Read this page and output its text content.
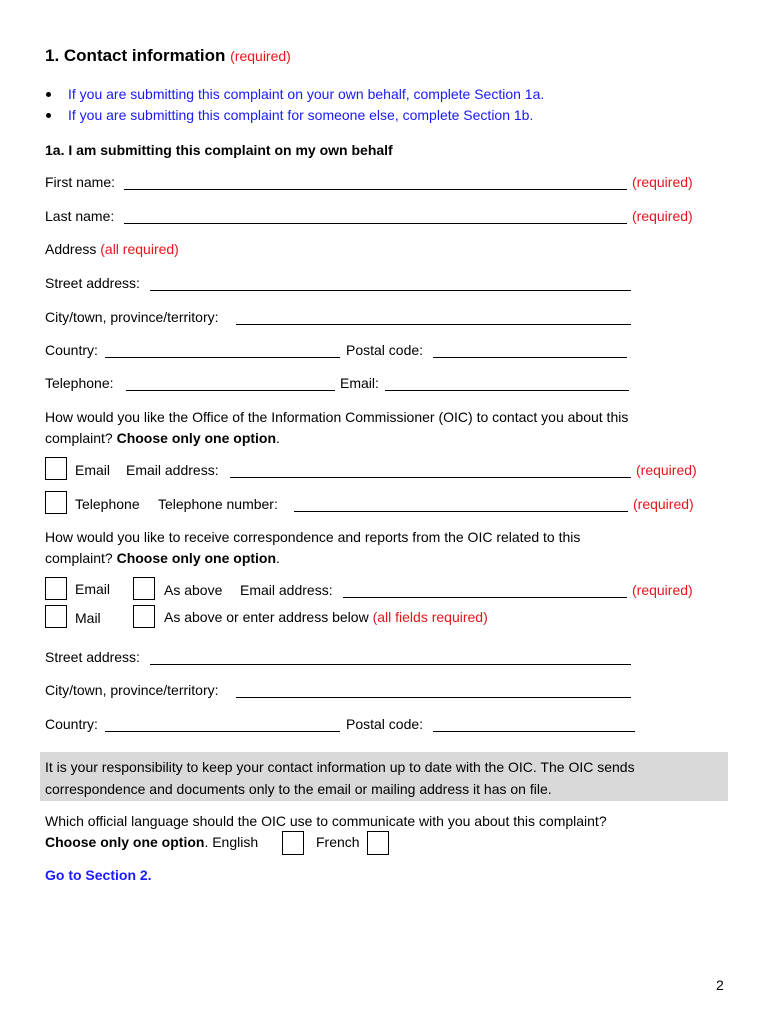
1. Contact information (required)
If you are submitting this complaint on your own behalf, complete Section 1a.
If you are submitting this complaint for someone else, complete Section 1b.
1a. I am submitting this complaint on my own behalf
First name:	(required)
Last name:	(required)
Address (all required)
Street address:
City/town, province/territory:
Country:	Postal code:
Telephone:	Email:
How would you like the Office of the Information Commissioner (OIC) to contact you about this
complaint? Choose only one option.
Email Email address:	(required)
Telephone Telephone number:	(required)
How would you like to receive correspondence and reports from the OIC related to this
complaint? Choose only one option.
Email	As above Email address:	(required)
Mail	As above or enter address below (all fields required)
Street address:
City/town, province/territory:
Country:	Postal code:
It is your responsibility to keep your contact information up to date with the OIC. The OIC sends
correspondence and documents only to the email or mailing address it has on file.
Which official language should the OIC use to communicate with you about this complaint?
Choose only one option. English	French
Go to Section 2.
2
